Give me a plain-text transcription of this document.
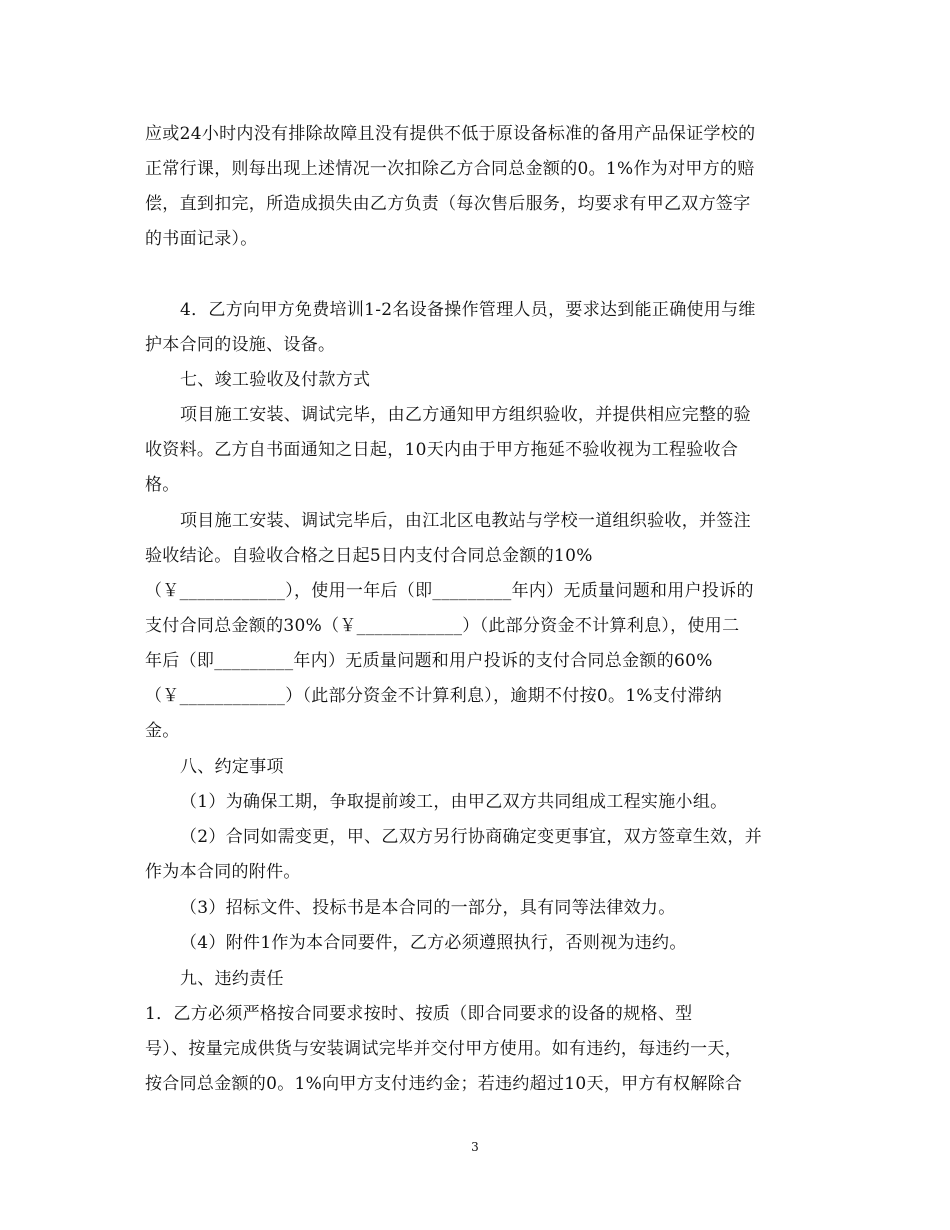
应或24小时内没有排除故障且没有提供不低于原设备标准的备用产品保证学校的
正常行课，则每出现上述情况一次扣除乙方合同总金额的0。1%作为对甲方的赔
偿，直到扣完，所造成损失由乙方负责（每次售后服务，均要求有甲乙双方签字
的书面记录）。
4．乙方向甲方免费培训1-2名设备操作管理人员，要求达到能正确使用与维
护本合同的设施、设备。
七、竣工验收及付款方式
项目施工安装、调试完毕，由乙方通知甲方组织验收，并提供相应完整的验
收资料。乙方自书面通知之日起，10天内由于甲方拖延不验收视为工程验收合
格。
项目施工安装、调试完毕后，由江北区电教站与学校一道组织验收，并签注
验收结论。自验收合格之日起5日内支付合同总金额的10%
（￥____________），使用一年后（即_________年内）无质量问题和用户投诉的
支付合同总金额的30%（￥____________）（此部分资金不计算利息），使用二
年后（即_________年内）无质量问题和用户投诉的支付合同总金额的60%
（￥____________）（此部分资金不计算利息），逾期不付按0。1%支付滞纳
金。
八、约定事项
（1）为确保工期，争取提前竣工，由甲乙双方共同组成工程实施小组。
（2）合同如需变更，甲、乙双方另行协商确定变更事宜，双方签章生效，并
作为本合同的附件。
（3）招标文件、投标书是本合同的一部分，具有同等法律效力。
（4）附件1作为本合同要件，乙方必须遵照执行，否则视为违约。
九、违约责任
1．乙方必须严格按合同要求按时、按质（即合同要求的设备的规格、型
号）、按量完成供货与安装调试完毕并交付甲方使用。如有违约，每违约一天，
按合同总金额的0。1%向甲方支付违约金；若违约超过10天，甲方有权解除合
3
